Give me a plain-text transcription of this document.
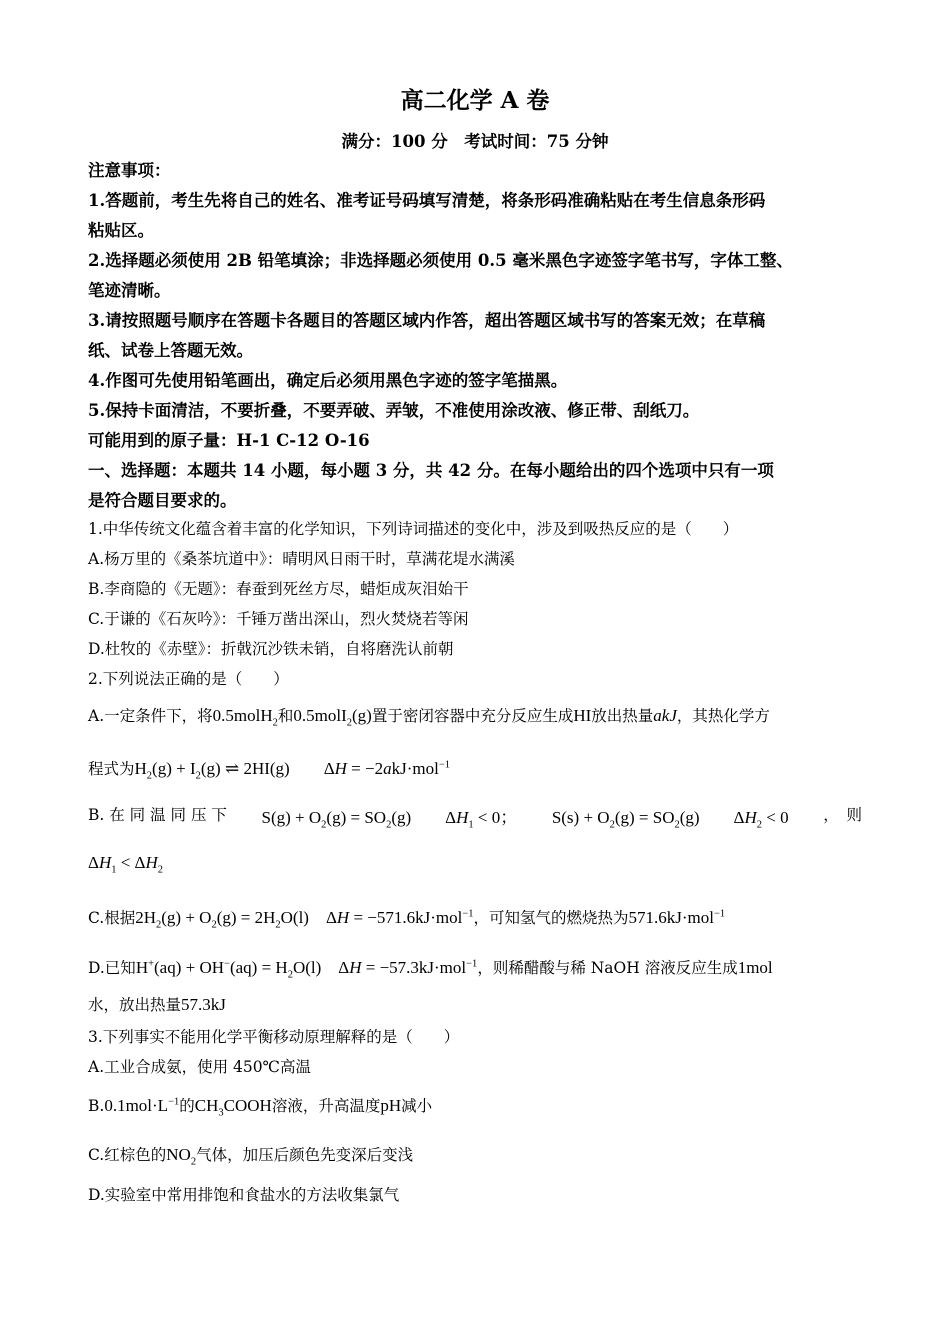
高二化学 A 卷
满分：100 分　考试时间：75 分钟
注意事项：
1.答题前，考生先将自己的姓名、准考证号码填写清楚，将条形码准确粘贴在考生信息条形码
粘贴区。
2.选择题必须使用 2B 铅笔填涂；非选择题必须使用 0.5 毫米黑色字迹签字笔书写，字体工整、
笔迹清晰。
3.请按照题号顺序在答题卡各题目的答题区域内作答，超出答题区域书写的答案无效；在草稿
纸、试卷上答题无效。
4.作图可先使用铅笔画出，确定后必须用黑色字迹的签字笔描黑。
5.保持卡面清洁，不要折叠，不要弄破、弄皱，不准使用涂改液、修正带、刮纸刀。
可能用到的原子量：H-1 C-12 O-16
一、选择题：本题共 14 小题，每小题 3 分，共 42 分。在每小题给出的四个选项中只有一项
是符合题目要求的。
1.中华传统文化蕴含着丰富的化学知识，下列诗词描述的变化中，涉及到吸热反应的是（　　）
A.杨万里的《桑茶坑道中》：晴明风日雨干时，草满花堤水满溪
B.李商隐的《无题》：春蚕到死丝方尽，蜡炬成灰泪始干
C.于谦的《石灰吟》：千锤万凿出深山，烈火焚烧若等闲
D.杜牧的《赤壁》：折戟沉沙铁未销，自将磨洗认前朝
2.下列说法正确的是（　　）
A.一定条件下，将0.5molH$_2$和0.5molI$_2$(g)置于密闭容器中充分反应生成HI放出热量akJ，其热化学方
程式为$H_2(g) + I_2(g)$ ⇌ 2HI(g)　　ΔH = −2akJ·mol$^{-1}$
B. 在 同 温 同 压 下 $S(g) + O_2(g) = SO_2(g)$　　$\Delta H_1 < 0$； $S(s) + O_2(g) = SO_2(g)$　　$\Delta H_2 < 0$ ，　则
$\Delta H_1 < \Delta H_2$
C.根据$2H_2(g) + O_2(g) = 2H_2O(l)$　ΔH = −571.6kJ·mol$^{-1}$，可知氢气的燃烧热为571.6kJ·mol$^{-1}$
D.已知$H^+(aq) + OH^-(aq) = H_2O(l)$　ΔH = −57.3kJ·mol$^{-1}$，则稀醋酸与稀 NaOH 溶液反应生成1mol
水，放出热量57.3kJ
3.下列事实不能用化学平衡移动原理解释的是（　　）
A.工业合成氨，使用 450℃高温
$B.0.1mol\cdot L^{-1}$的$CH_3COOH$溶液，升高温度pH减小
C.红棕色的$NO_2$气体，加压后颜色先变深后变浅
D.实验室中常用排饱和食盐水的方法收集氯气
